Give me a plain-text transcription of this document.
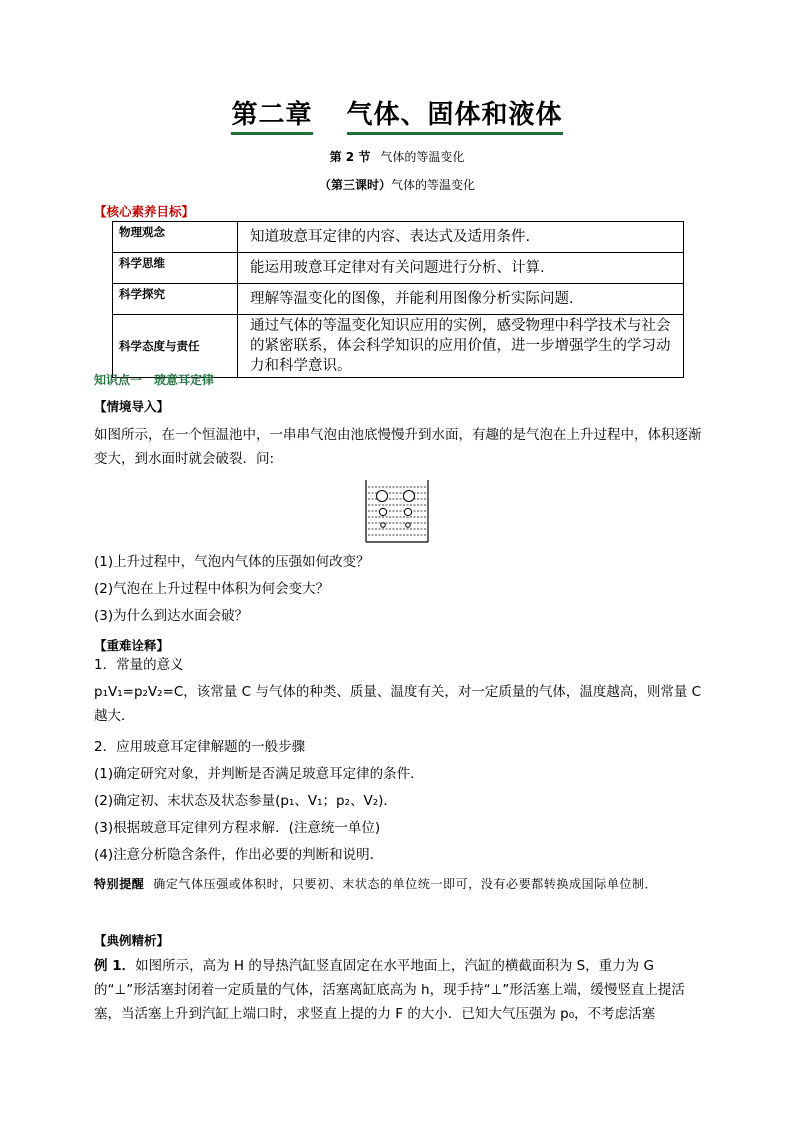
第二章 气体、固体和液体
第 2 节 气体的等温变化
（第三课时）气体的等温变化
【核心素养目标】
物理观念	知道玻意耳定律的内容、表达式及适用条件.
科学思维	能运用玻意耳定律对有关问题进行分析、计算.
科学探究	理解等温变化的图像，并能利用图像分析实际问题.
科学态度与责任	通过气体的等温变化知识应用的实例，感受物理中科学技术与社会的紧密联系，体会科学知识的应用价值，进一步增强学生的学习动力和科学意识。
知识点一 玻意耳定律
【情境导入】
如图所示，在一个恒温池中，一串串气泡由池底慢慢升到水面，有趣的是气泡在上升过程中，体积逐渐变大，到水面时就会破裂．问:
(1)上升过程中，气泡内气体的压强如何改变？
(2)气泡在上升过程中体积为何会变大？
(3)为什么到达水面会破？
【重难诠释】
1．常量的意义
p₁V₁=p₂V₂=C，该常量 C 与气体的种类、质量、温度有关，对一定质量的气体，温度越高，则常量 C 越大．
2．应用玻意耳定律解题的一般步骤
(1)确定研究对象，并判断是否满足玻意耳定律的条件．
(2)确定初、末状态及状态参量(p₁、V₁；p₂、V₂)．
(3)根据玻意耳定律列方程求解．(注意统一单位)
(4)注意分析隐含条件，作出必要的判断和说明．
特别提醒 确定气体压强或体积时，只要初、末状态的单位统一即可，没有必要都转换成国际单位制．
【典例精析】
例 1．如图所示，高为 H 的导热汽缸竖直固定在水平地面上，汽缸的横截面积为 S，重力为 G 的“⊥”形活塞封闭着一定质量的气体，活塞离缸底高为 h，现手持“⊥”形活塞上端，缓慢竖直上提活塞，当活塞上升到汽缸上端口时，求竖直上提的力 F 的大小．已知大气压强为 p₀，不考虑活塞
